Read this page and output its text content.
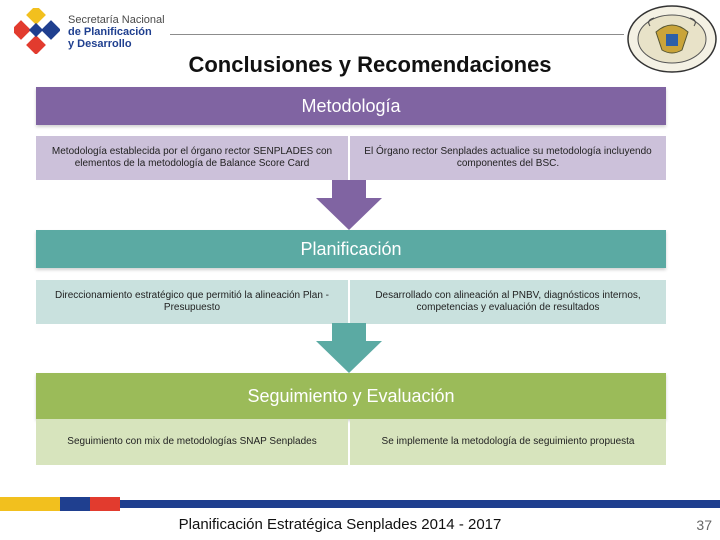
Secretaría Nacional
de Planificación
y Desarrollo
Conclusiones y Recomendaciones
Metodología
Metodología establecida por el órgano rector SENPLADES con elementos de la metodología de Balance Score Card
El Órgano rector Senplades actualice su metodología incluyendo componentes del BSC.
Planificación
Direccionamiento estratégico que permitió la alineación Plan - Presupuesto
Desarrollado con alineación al PNBV, diagnósticos internos, competencias y evaluación de resultados
Seguimiento y Evaluación
Seguimiento con mix de metodologías SNAP Senplades	Se implemente la metodología de seguimiento propuesta
Planificación Estratégica Senplades 2014 - 2017	37
